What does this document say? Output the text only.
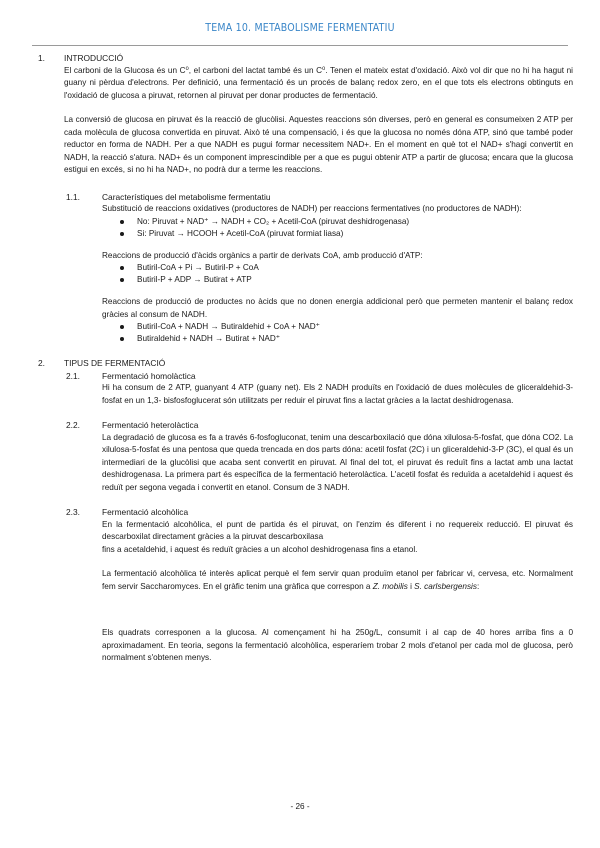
TEMA 10. METABOLISME FERMENTATIU
1. INTRODUCCIÓ

El carboni de la Glucosa és un C⁰, el carboni del lactat també és un C⁰. Tenen el mateix estat d'oxidació. Això vol dir que no hi ha hagut ni guany ni pèrdua d'electrons. Per definició, una fermentació és un procés de balanç redox zero, en el que tots els electrons obtinguts en l'oxidació de glucosa a piruvat, retornen al piruvat per donar productes de fermentació.

La conversió de glucosa en piruvat és la reacció de glucòlisi. Aquestes reaccions són diverses, però en general es consumeixen 2 ATP per cada molècula de glucosa convertida en piruvat. Això té una compensació, i és que la glucosa no només dóna ATP, sinó que també poder reductor en forma de NADH. Per a que NADH es pugui formar necessitem NAD+. En el moment en què tot el NAD+ s'hagi convertit en NADH, la reacció s'atura. NAD+ és un component imprescindible per a que es pugui obtenir ATP a partir de glucosa; encara que la glucosa estigui en excés, si no hi ha NAD+, no podrà dur a terme les reaccions.

1.1.	Característiques del metabolisme fermentatiu

Substitució de reaccions oxidatives (productores de NADH) per reaccions fermentatives (no productores de NADH):

No: Piruvat + NAD⁺ → NADH + CO₂ + Acetil-CoA (piruvat deshidrogenasa)
Si: Piruvat → HCOOH + Acetil-CoA (piruvat formiat liasa)

Reaccions de producció d'àcids orgànics a partir de derivats CoA, amb producció d'ATP:

Butiril-CoA + Pi → Butiril-P + CoA
Butiril-P + ADP → Butirat + ATP

Reaccions de producció de productes no àcids que no donen energia addicional però que permeten mantenir el balanç redox gràcies al consum de NADH.

Butiril-CoA + NADH → Butiraldehid + CoA + NAD⁺
Butiraldehid + NADH → Butirat + NAD⁺
2. TIPUS DE FERMENTACIÓ
2.1.	Fermentació homolàctica

Hi ha consum de 2 ATP, guanyant 4 ATP (guany net). Els 2 NADH produïts en l'oxidació de dues molècules de gliceraldehid-3-fosfat en un 1,3- bisfosfoglucerat són utilitzats per reduir el piruvat fins a lactat gràcies a la lactat deshidrogenasa.

2.2.	Fermentació heterolàctica

La degradació de glucosa es fa a través 6-fosfogluconat, tenim una descarboxilació que dóna xilulosa-5-fosfat, que dóna CO2. La xilulosa-5-fosfat és una pentosa que queda trencada en dos parts dóna: acetil fosfat (2C) i un gliceraldehid-3-P (3C), el qual és un intermediari de la glucòlisi que acaba sent convertit en piruvat. Al final del tot, el piruvat és reduït fins a lactat amb una lactat deshidrogenasa. La primera part és específica de la fermentació heterolàctica. L'acetil fosfat és reduïda a acetaldehid i aquest és reduït per segona vegada i convertit en etanol. Consum de 3 NADH.

2.3.	Fermentació alcohòlica

En la fermentació alcohòlica, el punt de partida és el piruvat, on l'enzim és diferent i no requereix reducció. El piruvat és descarboxilat directament gràcies a la piruvat descarboxilasa

fins a acetaldehid, i aquest és reduït gràcies a un alcohol deshidrogenasa fins a etanol.

La fermentació alcohòlica té interès aplicat perquè el fem servir quan produïm etanol per fabricar vi, cervesa, etc. Normalment fem servir Saccharomyces. En el gràfic tenim una gràfica que correspon a Z. mobilis i S. carlsbergensis:

Els quadrats corresponen a la glucosa. Al començament hi ha 250g/L, consumit i al cap de 40 hores arriba fins a 0 aproximadament. En teoria, segons la fermentació alcohòlica, esperaríem trobar 2 mols d'etanol per cada mol de glucosa, però normalment s'obtenen menys.

- 26 -
